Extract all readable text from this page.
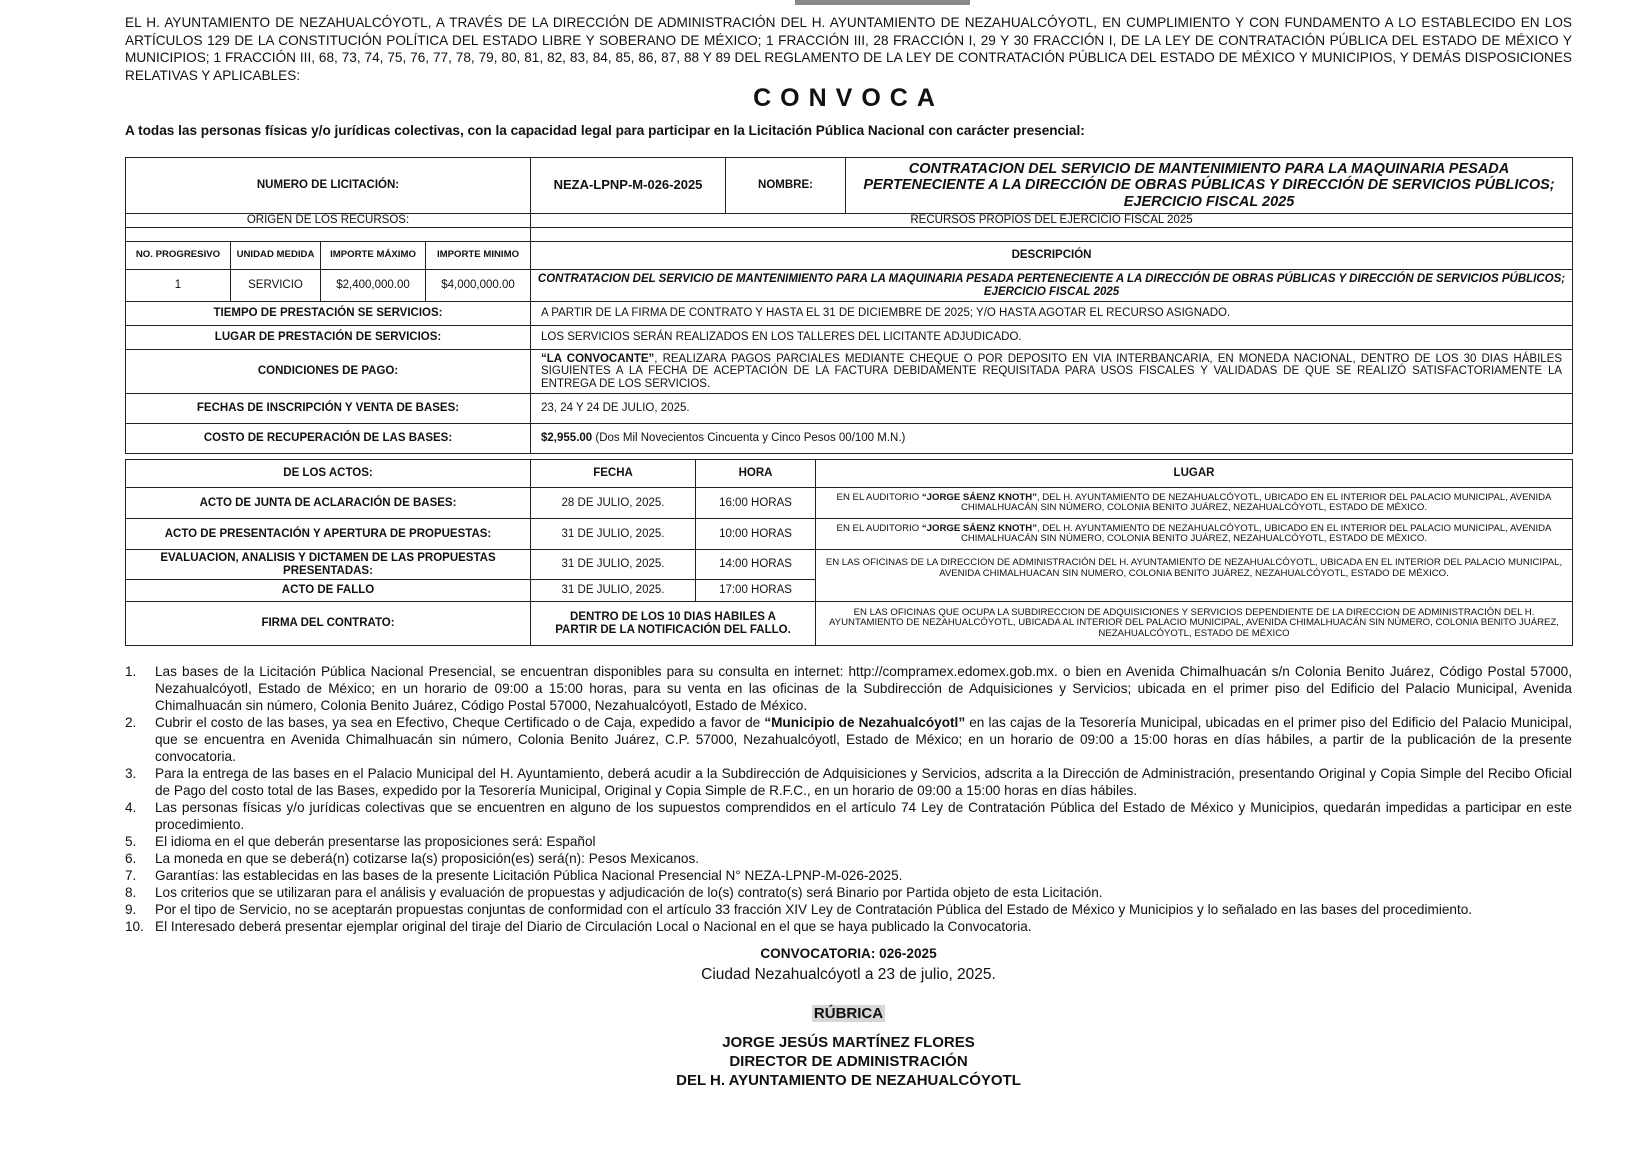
EL H. AYUNTAMIENTO DE NEZAHUALCÓYOTL, A TRAVÉS DE LA DIRECCIÓN DE ADMINISTRACIÓN DEL H. AYUNTAMIENTO DE NEZAHUALCÓYOTL, EN CUMPLIMIENTO Y CON FUNDAMENTO A LO ESTABLECIDO EN LOS ARTÍCULOS 129 DE LA CONSTITUCIÓN POLÍTICA DEL ESTADO LIBRE Y SOBERANO DE MÉXICO; 1 FRACCIÓN III, 28 FRACCIÓN I, 29 Y 30 FRACCIÓN I, DE LA LEY DE CONTRATACIÓN PÚBLICA DEL ESTADO DE MÉXICO Y MUNICIPIOS; 1 FRACCIÓN III, 68, 73, 74, 75, 76, 77, 78, 79, 80, 81, 82, 83, 84, 85, 86, 87, 88 Y 89 DEL REGLAMENTO DE LA LEY DE CONTRATACIÓN PÚBLICA DEL ESTADO DE MÉXICO Y MUNICIPIOS, Y DEMÁS DISPOSICIONES RELATIVAS Y APLICABLES:
CONVOCA
A todas las personas físicas y/o jurídicas colectivas, con la capacidad legal para participar en la Licitación Pública Nacional con carácter presencial:
NUMERO DE LICITACIÓN:				NEZA-LPNP-M-026-2025	NOMBRE:	CONTRATACION DEL SERVICIO DE MANTENIMIENTO PARA LA MAQUINARIA PESADA PERTENECIENTE A LA DIRECCIÓN DE OBRAS PÚBLICAS Y DIRECCIÓN DE SERVICIOS PÚBLICOS; EJERCICIO FISCAL 2025
ORIGEN DE LOS RECURSOS:				RECURSOS PROPIOS DEL EJERCICIO FISCAL 2025		

NO. PROGRESIVO	UNIDAD MEDIDA	IMPORTE MÁXIMO	IMPORTE MINIMO	DESCRIPCIÓN		
1	SERVICIO	$2,400,000.00	$4,000,000.00	CONTRATACION DEL SERVICIO DE MANTENIMIENTO PARA LA MAQUINARIA PESADA PERTENECIENTE A LA DIRECCIÓN DE OBRAS PÚBLICAS Y DIRECCIÓN DE SERVICIOS PÚBLICOS; EJERCICIO FISCAL 2025		
TIEMPO DE PRESTACIÓN SE SERVICIOS:				A PARTIR DE LA FIRMA DE CONTRATO Y HASTA EL 31 DE DICIEMBRE DE 2025; Y/O HASTA AGOTAR EL RECURSO ASIGNADO.		
LUGAR DE PRESTACIÓN DE SERVICIOS:				LOS SERVICIOS SERÁN REALIZADOS EN LOS TALLERES DEL LICITANTE ADJUDICADO.		
CONDICIONES DE PAGO:				“LA CONVOCANTE”, REALIZARA PAGOS PARCIALES MEDIANTE CHEQUE O POR DEPOSITO EN VIA INTERBANCARIA, EN MONEDA NACIONAL, DENTRO DE LOS 30 DIAS HÁBILES SIGUIENTES A LA FECHA DE ACEPTACIÓN DE LA FACTURA DEBIDAMENTE REQUISITADA PARA USOS FISCALES Y VALIDADAS DE QUE SE REALIZÓ SATISFACTORIAMENTE LA ENTREGA DE LOS SERVICIOS.		
FECHAS DE INSCRIPCIÓN Y VENTA DE BASES:				23, 24 Y 24 DE JULIO, 2025.		
COSTO DE RECUPERACIÓN DE LAS BASES:				$2,955.00 (Dos Mil Novecientos Cincuenta y Cinco Pesos 00/100 M.N.)		
DE LOS ACTOS:	FECHA	HORA	LUGAR
ACTO DE JUNTA DE ACLARACIÓN DE BASES:	28 DE JULIO, 2025.	16:00 HORAS	EN EL AUDITORIO “JORGE SÁENZ KNOTH”, DEL H. AYUNTAMIENTO DE NEZAHUALCÓYOTL, UBICADO EN EL INTERIOR DEL PALACIO MUNICIPAL, AVENIDA CHIMALHUACÁN SIN NÚMERO, COLONIA BENITO JUÁREZ, NEZAHUALCÓYOTL, ESTADO DE MÉXICO.
ACTO DE PRESENTACIÓN Y APERTURA DE PROPUESTAS:	31 DE JULIO, 2025.	10:00 HORAS	EN EL AUDITORIO “JORGE SÁENZ KNOTH”, DEL H. AYUNTAMIENTO DE NEZAHUALCÓYOTL, UBICADO EN EL INTERIOR DEL PALACIO MUNICIPAL, AVENIDA CHIMALHUACÁN SIN NÚMERO, COLONIA BENITO JUÁREZ, NEZAHUALCÓYOTL, ESTADO DE MÉXICO.
EVALUACION, ANALISIS Y DICTAMEN DE LAS PROPUESTAS PRESENTADAS:	31 DE JULIO, 2025.	14:00 HORAS	EN LAS OFICINAS DE LA DIRECCION DE ADMINISTRACIÓN DEL H. AYUNTAMIENTO DE NEZAHUALCÓYOTL, UBICADA EN EL INTERIOR DEL PALACIO MUNICIPAL, AVENIDA CHIMALHUACAN SIN NUMERO, COLONIA BENITO JUÁREZ, NEZAHUALCÓYOTL, ESTADO DE MÉXICO.
ACTO DE FALLO	31 DE JULIO, 2025.	17:00 HORAS	
FIRMA DEL CONTRATO:	DENTRO DE LOS 10 DIAS HABILES A PARTIR DE LA NOTIFICACIÓN DEL FALLO.		EN LAS OFICINAS QUE OCUPA LA SUBDIRECCION DE ADQUISICIONES Y SERVICIOS DEPENDIENTE DE LA DIRECCION DE ADMINISTRACIÓN DEL H. AYUNTAMIENTO DE NEZAHUALCÓYOTL, UBICADA AL INTERIOR DEL PALACIO MUNICIPAL, AVENIDA CHIMALHUACÁN SIN NÚMERO, COLONIA BENITO JUÁREZ, NEZAHUALCÓYOTL, ESTADO DE MÉXICO
1. Las bases de la Licitación Pública Nacional Presencial, se encuentran disponibles para su consulta en internet: http://compramex.edomex.gob.mx. o bien en Avenida Chimalhuacán s/n Colonia Benito Juárez, Código Postal 57000, Nezahualcóyotl, Estado de México; en un horario de 09:00 a 15:00 horas, para su venta en las oficinas de la Subdirección de Adquisiciones y Servicios; ubicada en el primer piso del Edificio del Palacio Municipal, Avenida Chimalhuacán sin número, Colonia Benito Juárez, Código Postal 57000, Nezahualcóyotl, Estado de México.
2. Cubrir el costo de las bases, ya sea en Efectivo, Cheque Certificado o de Caja, expedido a favor de “Municipio de Nezahualcóyotl” en las cajas de la Tesorería Municipal, ubicadas en el primer piso del Edificio del Palacio Municipal, que se encuentra en Avenida Chimalhuacán sin número, Colonia Benito Juárez, C.P. 57000, Nezahualcóyotl, Estado de México; en un horario de 09:00 a 15:00 horas en días hábiles, a partir de la publicación de la presente convocatoria.
3. Para la entrega de las bases en el Palacio Municipal del H. Ayuntamiento, deberá acudir a la Subdirección de Adquisiciones y Servicios, adscrita a la Dirección de Administración, presentando Original y Copia Simple del Recibo Oficial de Pago del costo total de las Bases, expedido por la Tesorería Municipal, Original y Copia Simple de R.F.C., en un horario de 09:00 a 15:00 horas en días hábiles.
4. Las personas físicas y/o jurídicas colectivas que se encuentren en alguno de los supuestos comprendidos en el artículo 74 Ley de Contratación Pública del Estado de México y Municipios, quedarán impedidas a participar en este procedimiento.
5. El idioma en el que deberán presentarse las proposiciones será: Español
6. La moneda en que se deberá(n) cotizarse la(s) proposición(es) será(n): Pesos Mexicanos.
7. Garantías: las establecidas en las bases de la presente Licitación Pública Nacional Presencial N° NEZA-LPNP-M-026-2025.
8. Los criterios que se utilizaran para el análisis y evaluación de propuestas y adjudicación de lo(s) contrato(s) será Binario por Partida objeto de esta Licitación.
9. Por el tipo de Servicio, no se aceptarán propuestas conjuntas de conformidad con el artículo 33 fracción XIV Ley de Contratación Pública del Estado de México y Municipios y lo señalado en las bases del procedimiento.
10. El Interesado deberá presentar ejemplar original del tiraje del Diario de Circulación Local o Nacional en el que se haya publicado la Convocatoria.
CONVOCATORIA: 026-2025
Ciudad Nezahualcóyotl a 23 de julio, 2025.
RÚBRICA
JORGE JESÚS MARTÍNEZ FLORES
DIRECTOR DE ADMINISTRACIÓN
DEL H. AYUNTAMIENTO DE NEZAHUALCÓYOTL
